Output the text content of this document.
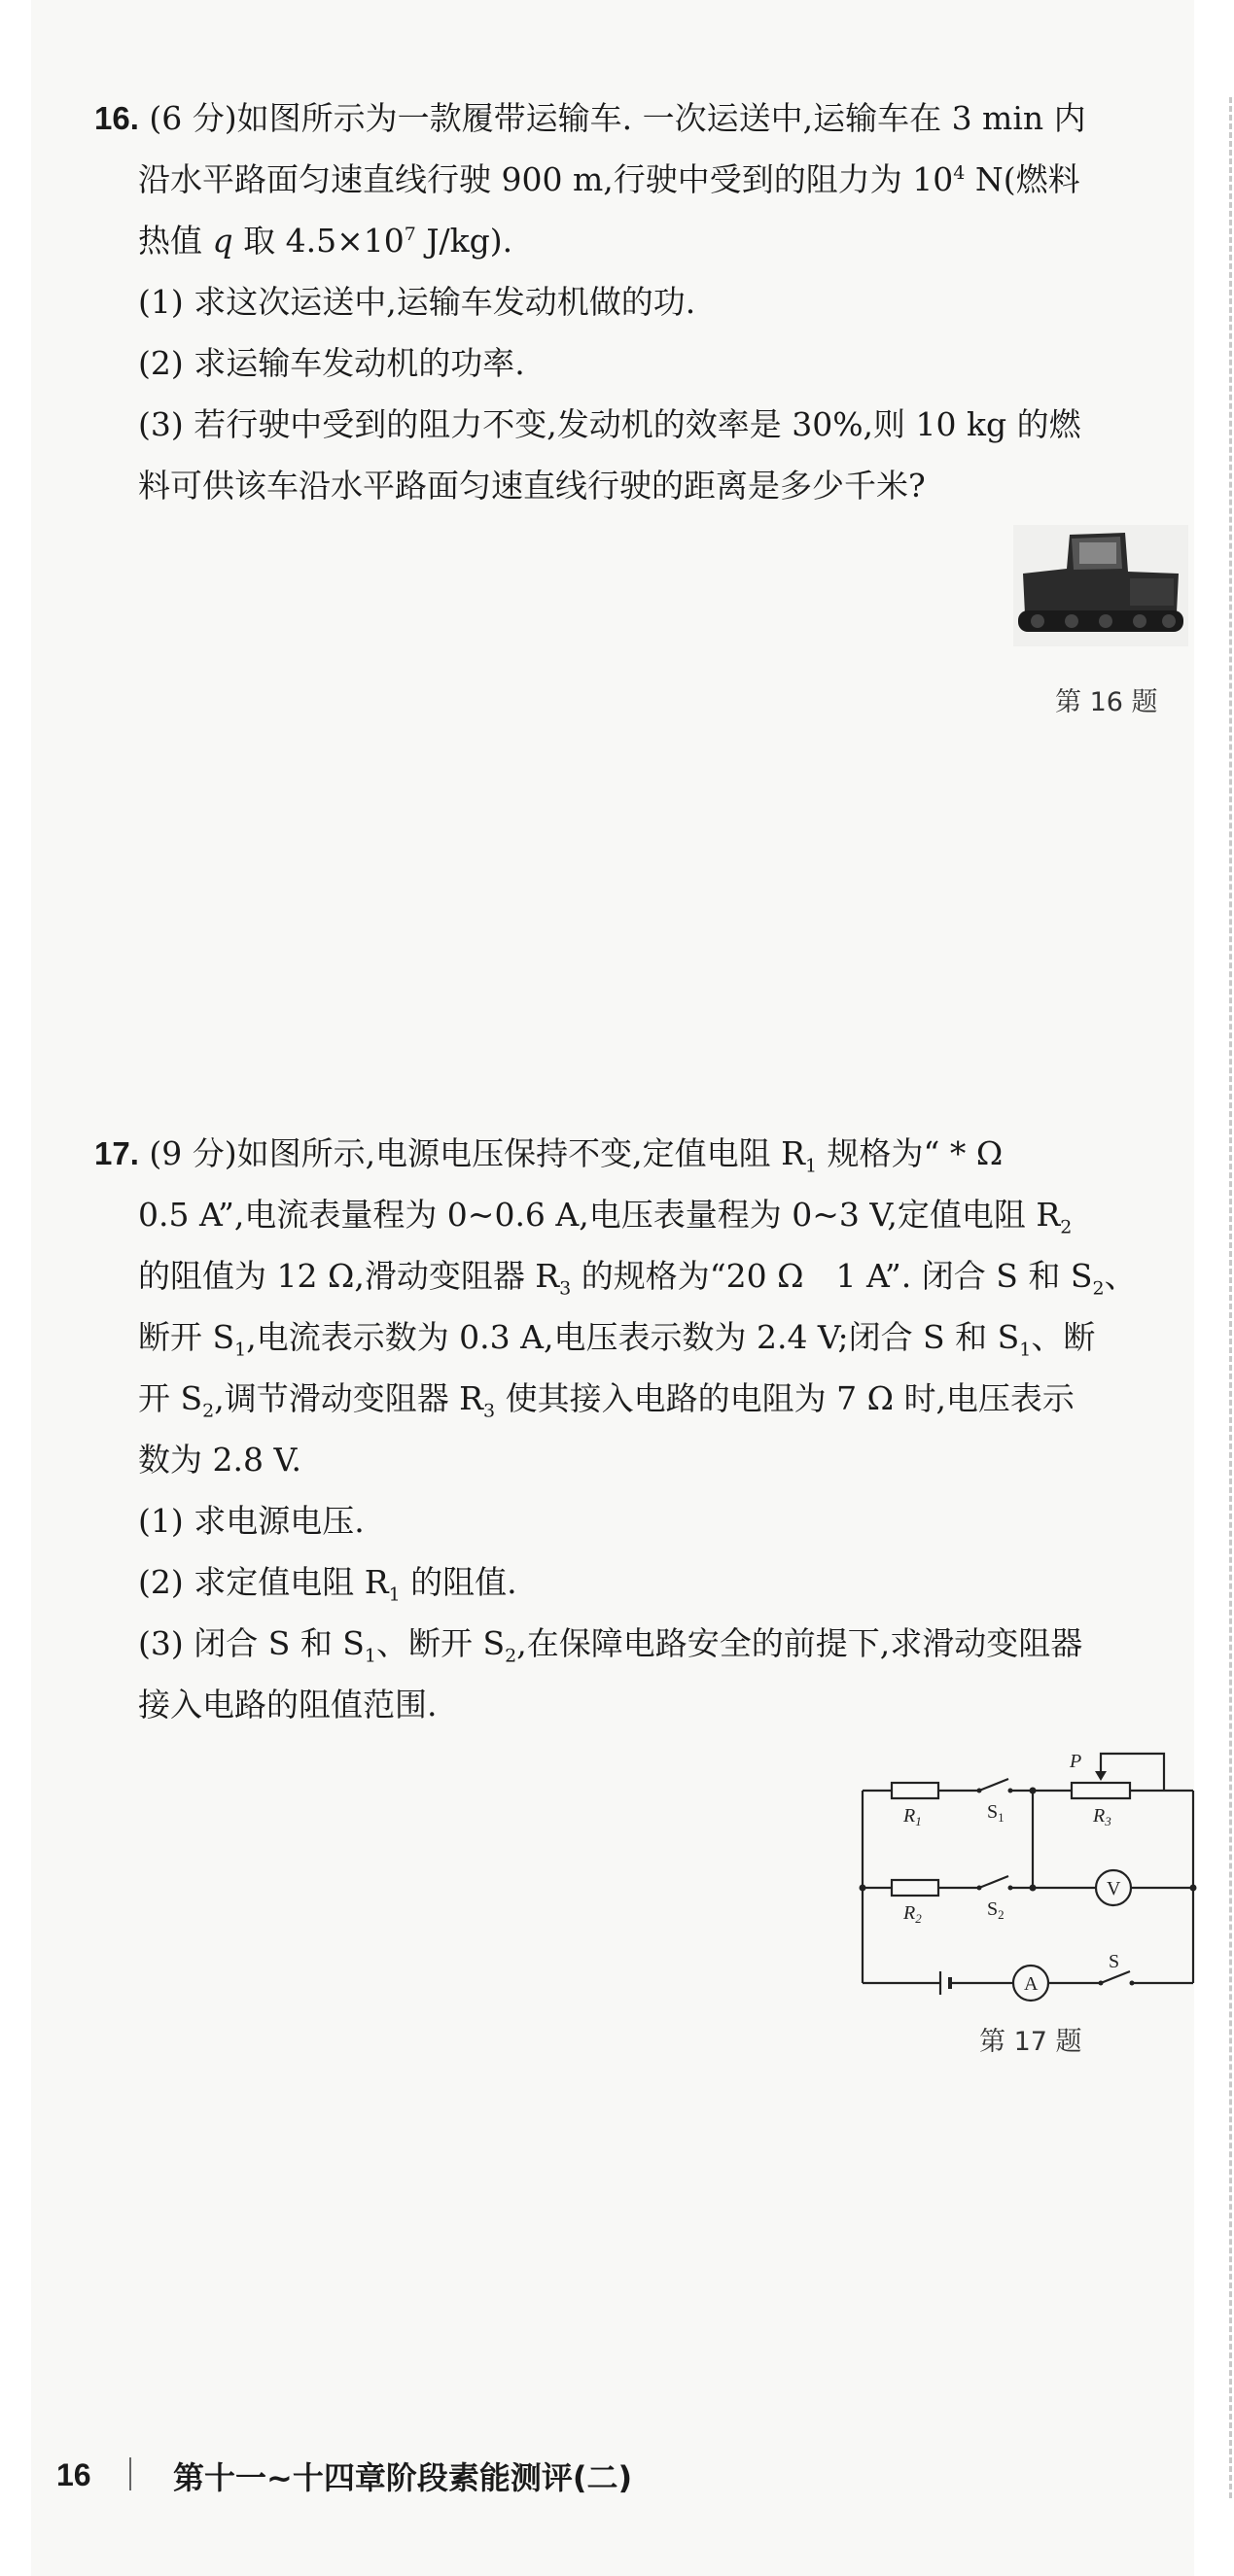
16. (6 分)如图所示为一款履带运输车. 一次运送中,运输车在 3 min 内

沿水平路面匀速直线行驶 900 m,行驶中受到的阻力为 $10^4$ N(燃料

热值 q 取 $4.5\times 10^7$ J/kg).

(1) 求这次运送中,运输车发动机做的功.

(2) 求运输车发动机的功率.

(3) 若行驶中受到的阻力不变,发动机的效率是 30%,则 10 kg 的燃

料可供该车沿水平路面匀速直线行驶的距离是多少千米?

第 16 题

17. (9 分)如图所示,电源电压保持不变,定值电阻 $R_1$ 规格为“ * Ω

0.5 A”,电流表量程为 0~0.6 A,电压表量程为 0~3 V,定值电阻 $R_2$

的阻值为 12 Ω,滑动变阻器 $R_3$ 的规格为“20 Ω　1 A”. 闭合 S 和 $S_2$、

断开 $S_1$,电流表示数为 0.3 A,电压表示数为 2.4 V;闭合 S 和 $S_1$、断

开 $S_2$,调节滑动变阻器 $R_3$ 使其接入电路的电阻为 7 Ω 时,电压表示

数为 2.8 V.

(1) 求电源电压.

(2) 求定值电阻 $R_1$ 的阻值.

(3) 闭合 S 和 $S_1$、断开 $S_2$,在保障电路安全的前提下,求滑动变阻器

接入电路的阻值范围.

$R_1$
$R_2$
$R_3$
$S_1$
$S_2$
S
P
V
A
第 17 题
16	第十一~十四章阶段素能测评(二)
